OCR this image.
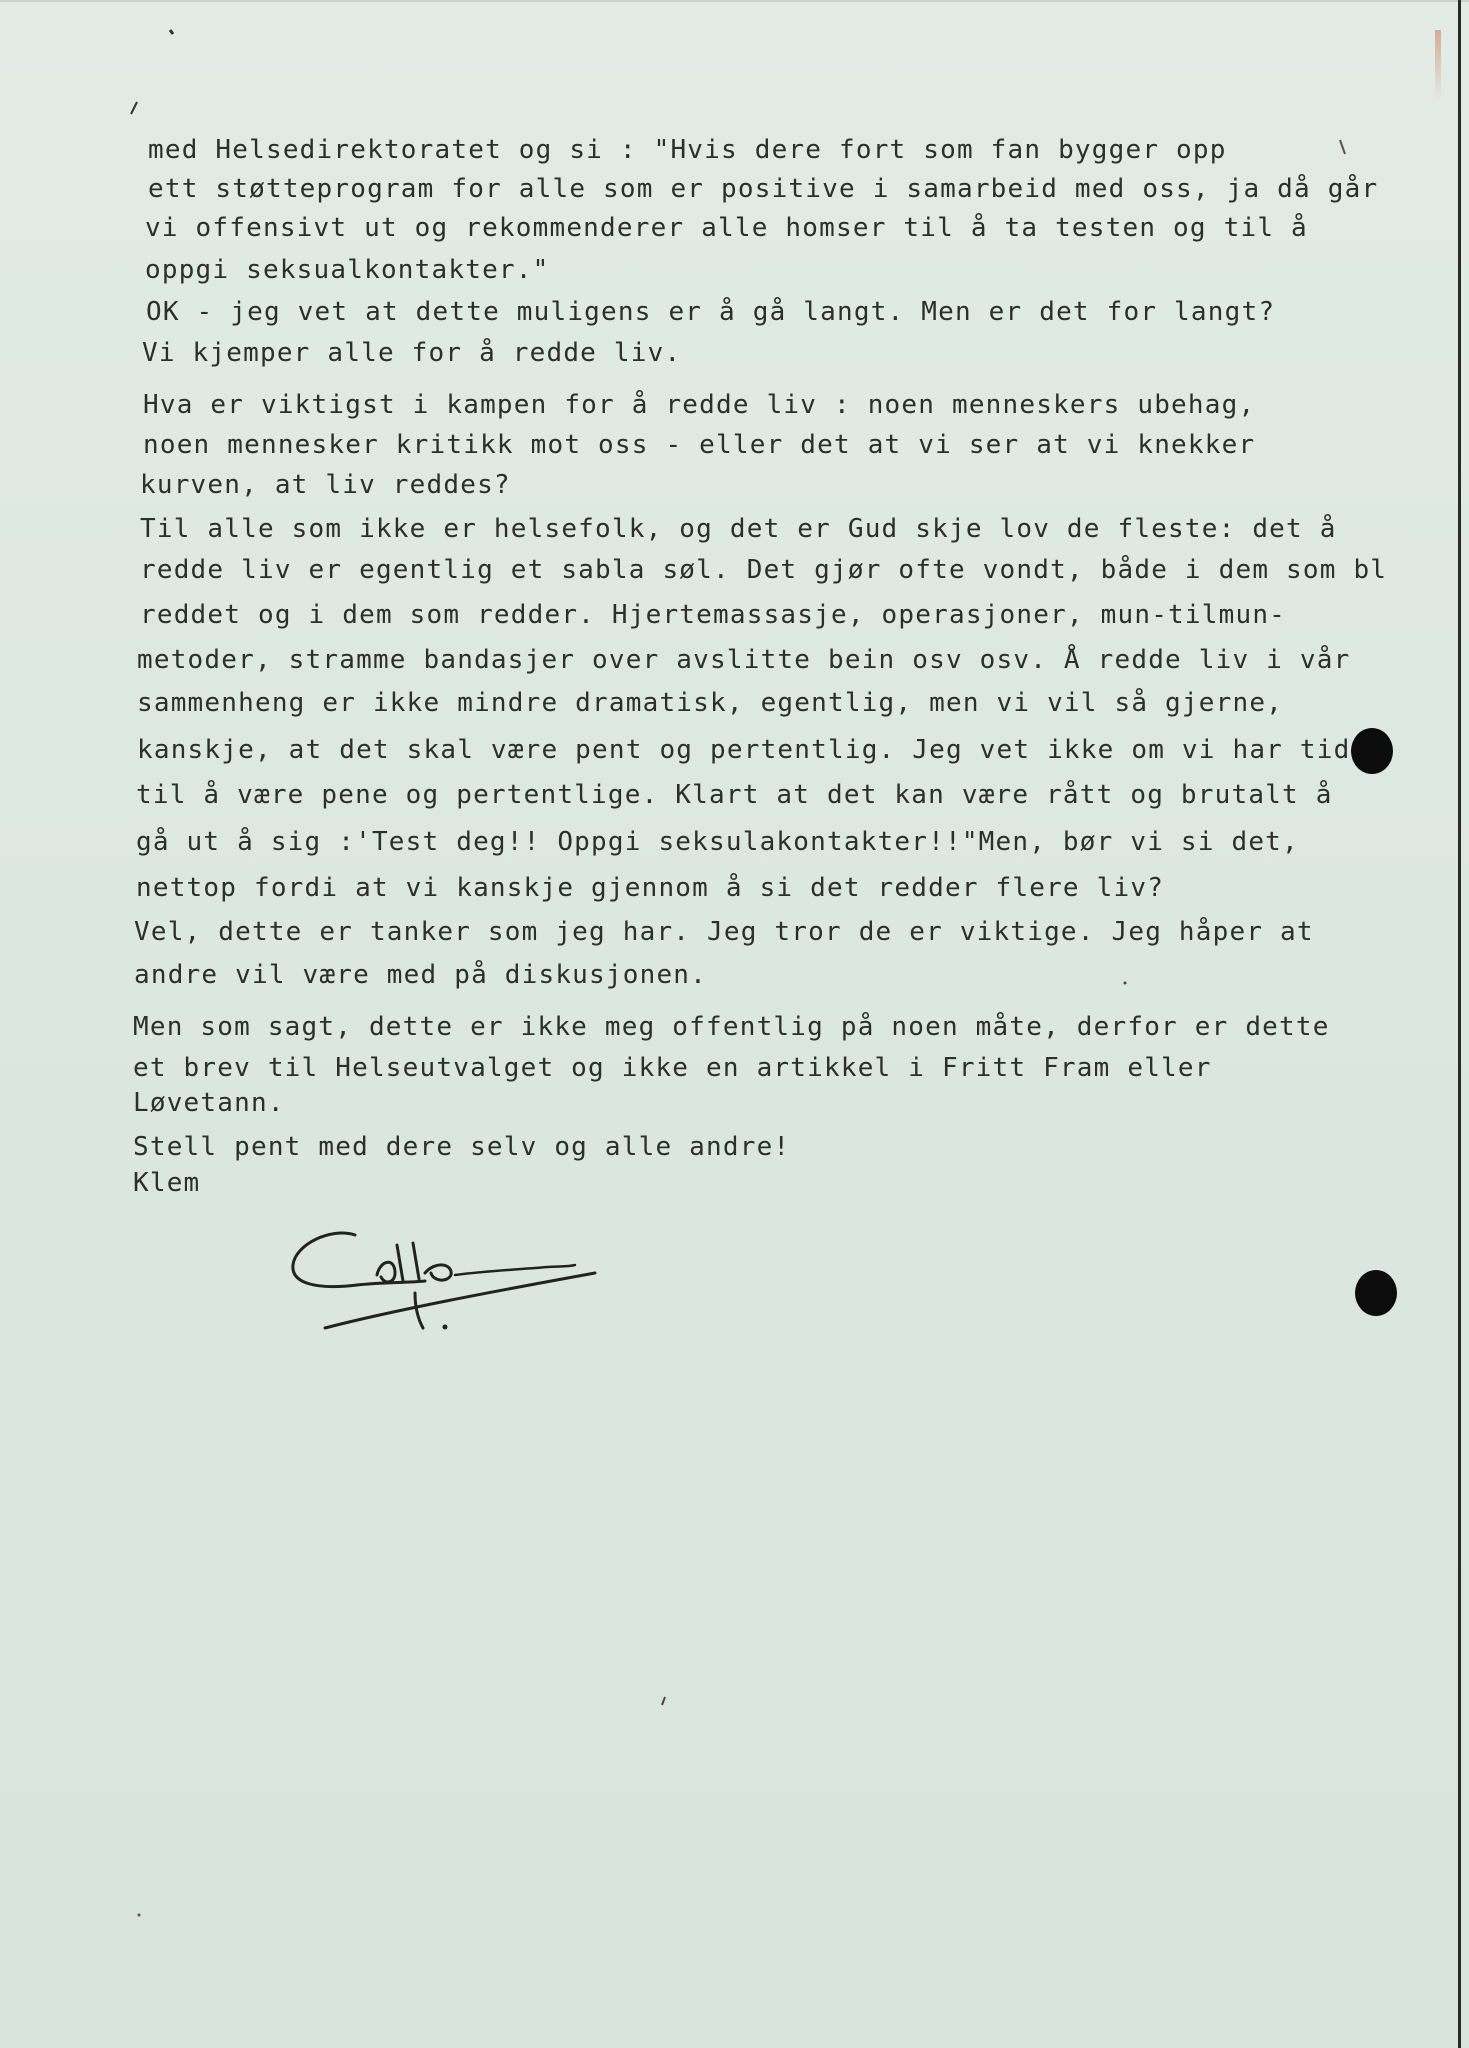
med Helsedirektoratet og si : "Hvis dere fort som fan bygger opp
ett støtteprogram for alle som er positive i samarbeid med oss, ja då går
vi offensivt ut og rekommenderer alle homser til å ta testen og til å
oppgi seksualkontakter."
OK - jeg vet at dette muligens er å gå langt. Men er det for langt?
Vi kjemper alle for å redde liv.
Hva er viktigst i kampen for å redde liv : noen menneskers ubehag,
noen mennesker kritikk mot oss - eller det at vi ser at vi knekker
kurven, at liv reddes?
Til alle som ikke er helsefolk, og det er Gud skje lov de fleste: det å
redde liv er egentlig et sabla søl. Det gjør ofte vondt, både i dem som bl
reddet og i dem som redder. Hjertemassasje, operasjoner, mun-tilmun-
metoder, stramme bandasjer over avslitte bein osv osv. Å redde liv i vår
sammenheng er ikke mindre dramatisk, egentlig, men vi vil så gjerne,
kanskje, at det skal være pent og pertentlig. Jeg vet ikke om vi har tid
til å være pene og pertentlige. Klart at det kan være rått og brutalt å
gå ut å sig :'Test deg!! Oppgi seksulakontakter!!"Men, bør vi si det,
nettop fordi at vi kanskje gjennom å si det redder flere liv?
Vel, dette er tanker som jeg har. Jeg tror de er viktige. Jeg håper at
andre vil være med på diskusjonen.
Men som sagt, dette er ikke meg offentlig på noen måte, derfor er dette
et brev til Helseutvalget og ikke en artikkel i Fritt Fram eller
Løvetann.
Stell pent med dere selv og alle andre!
Klem
